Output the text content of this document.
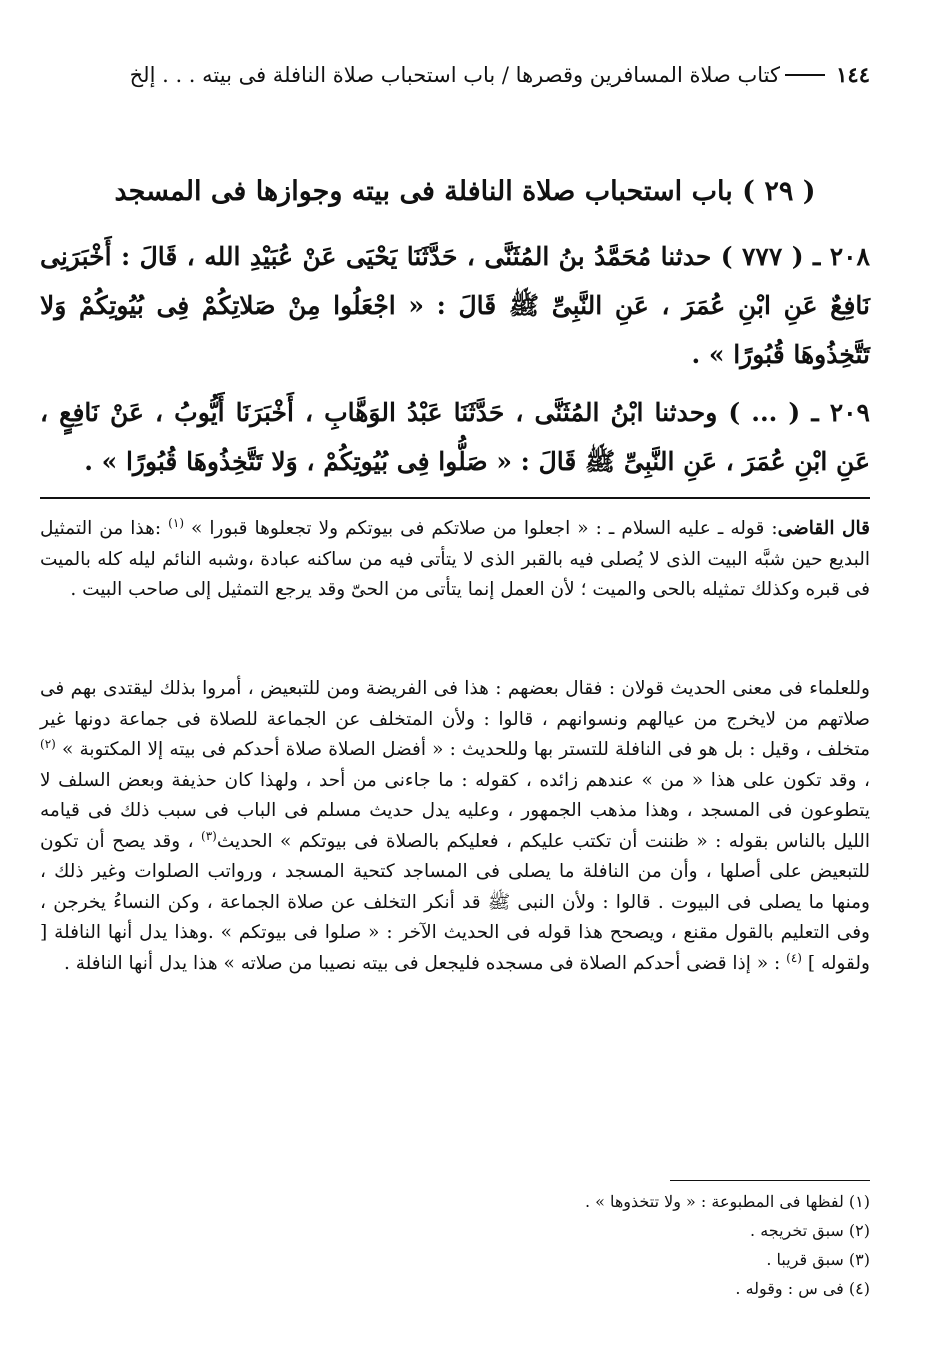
١٤٤
كتاب صلاة المسافرين وقصرها / باب استحباب صلاة النافلة فى بيته . . . إلخ
( ٢٩ ) باب استحباب صلاة النافلة فى بيته وجوازها فى المسجد
٢٠٨ ـ ( ٧٧٧ ) حدثنا مُحَمَّدُ بنُ المُثَنَّى ، حَدَّثَنَا يَحْيَى عَنْ عُبَيْدِ الله ، قَالَ : أَخْبَرَنِى نَافِعٌ عَنِ ابْنِ عُمَرَ ، عَنِ النَّبِىِّ ﷺ قَالَ : « اجْعَلُوا مِنْ صَلاتِكُمْ فِى بُيُوتِكُمْ وَلا تَتَّخِذُوهَا قُبُورًا » .
٢٠٩ ـ ( ... ) وحدثنا ابْنُ المُثَنَّى ، حَدَّثَنَا عَبْدُ الوَهَّابِ ، أَخْبَرَنَا أَيُّوبُ ، عَنْ نَافِعٍ ، عَنِ ابْنِ عُمَرَ ، عَنِ النَّبِىِّ ﷺ قَالَ : « صَلُّوا فِى بُيُوتِكُمْ ، وَلا تَتَّخِذُوهَا قُبُورًا » .
قال القاضى: قوله ـ عليه السلام ـ : « اجعلوا من صلاتكم فى بيوتكم ولا تجعلوها قبورا » $^{(١)}$ :هذا من التمثيل البديع حين شبَّه البيت الذى لا يُصلى فيه بالقبر الذى لا يتأتى فيه من ساكنه عبادة ،وشبه النائم ليله كله بالميت فى قبره وكذلك تمثيله بالحى والميت ؛ لأن العمل إنما يتأتى من الحىّ وقد يرجع التمثيل إلى صاحب البيت .
وللعلماء فى معنى الحديث قولان : فقال بعضهم : هذا فى الفريضة ومن للتبعيض ، أمروا بذلك ليقتدى بهم فى صلاتهم من لايخرج من عيالهم ونسوانهم ، قالوا : ولأن المتخلف عن الجماعة للصلاة فى جماعة دونها غير متخلف ، وقيل : بل هو فى النافلة للتستر بها وللحديث : « أفضل الصلاة صلاة أحدكم فى بيته إلا المكتوبة » $^{(٢)}$ ، وقد تكون على هذا « من » عندهم زائده ، كقوله : ما جاءنى من أحد ، ولهذا كان حذيفة وبعض السلف لا يتطوعون فى المسجد ، وهذا مذهب الجمهور ، وعليه يدل حديث مسلم فى الباب فى سبب ذلك فى قيامه الليل بالناس بقوله : « ظننت أن تكتب عليكم ، فعليكم بالصلاة فى بيوتكم » الحديث$^{(٣)}$ ، وقد يصح أن تكون للتبعيض على أصلها ، وأن من النافلة ما يصلى فى المساجد كتحية المسجد ، ورواتب الصلوات وغير ذلك ، ومنها ما يصلى فى البيوت . قالوا : ولأن النبى ﷺ قد أنكر التخلف عن صلاة الجماعة ، وكن النساءُ يخرجن ، وفى التعليم بالقول مقنع ، ويصحح هذا قوله فى الحديث الآخر : « صلوا فى بيوتكم » .وهذا يدل أنها النافلة [ ولقوله ] $^{(٤)}$ : « إذا قضى أحدكم الصلاة فى مسجده فليجعل فى بيته نصيبا من صلاته » هذا يدل أنها النافلة .
(١) لفظها فى المطبوعة : « ولا تتخذوها » .
(٢) سبق تخريجه .
(٣) سبق قريبا .
(٤) فى س : وقوله .
